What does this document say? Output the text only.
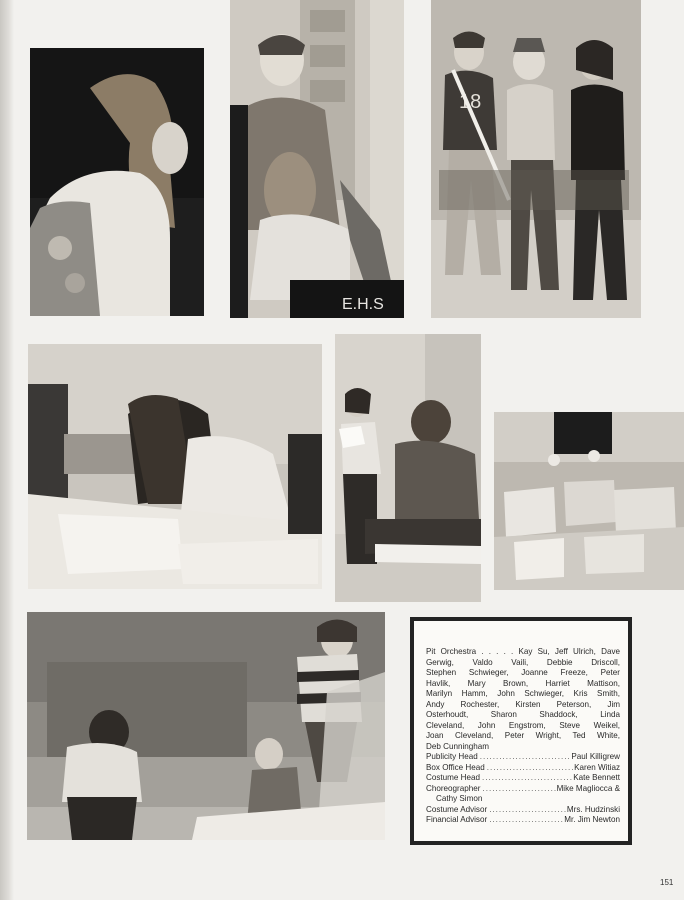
E.H.S
18
Pit Orchestra . . . . . Kay Su, Jeff Ulrich, Dave
Gerwig, Valdo Vaili, Debbie Driscoll,
Stephen Schwieger, Joanne Freeze, Peter
Havlik, Mary Brown, Harriet Mattison,
Marilyn Hamm, John Schwieger, Kris Smith,
Andy Rochester, Kirsten Peterson, Jim
Osterhoudt, Sharon Shaddock, Linda
Cleveland, John Engstrom, Steve Weikel,
Joan Cleveland, Peter Wright, Ted White,
Deb Cunningham
Publicity Head .....	Paul Killigrew
Box Office Head .....	Karen Witiaz
Costume Head .....	Kate Bennett
Choreographer .....	Mike Magliocca &
Cathy Simon
Costume Advisor .....	Mrs. Hudzinski
Financial Advisor .....	Mr. Jim Newton
151
